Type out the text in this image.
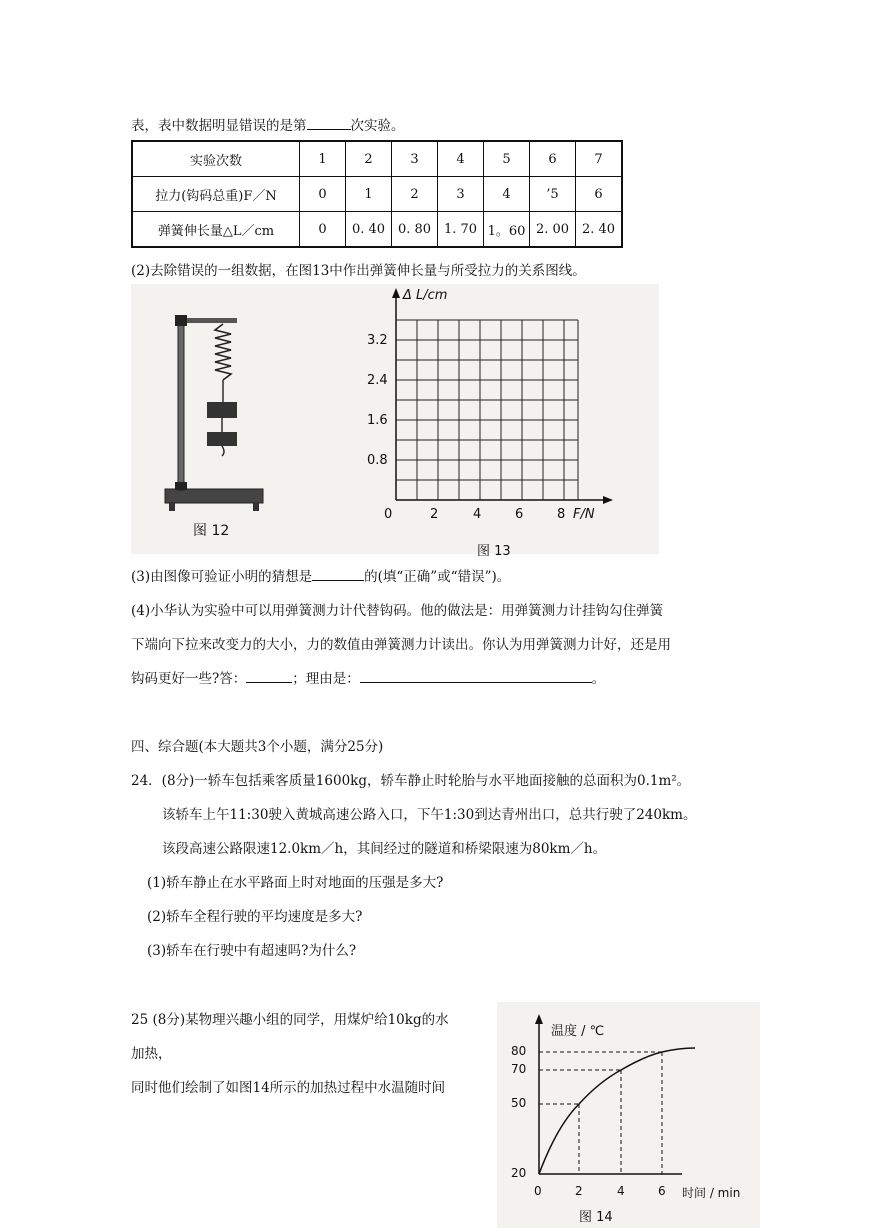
表，表中数据明显错误的是第	次实验。
实验次数	1	2	3	4	5	6	7
拉力(钩码总重)F／N	0	1	2	3	4	’5	6
弹簧伸长量△L／cm	0	0. 40	0. 80	1. 70	1。60	2. 00	2. 40
(2)去除错误的一组数据，在图13中作出弹簧伸长量与所受拉力的关系图线。
图 12
Δ L/cm
3.2
2.4
1.6
0.8
0	2	4	6	8 F/N
图 13
(3)由图像可验证小明的猜想是	的(填“正确”或“错误”)。
(4)小华认为实验中可以用弹簧测力计代替钩码。他的做法是：用弹簧测力计挂钩勾住弹簧
下端向下拉来改变力的大小，力的数值由弹簧测力计读出。你认为用弹簧测力计好，还是用
钩码更好一些?答：	；理由是：	。
四、综合题(本大题共3个小题，满分25分)
24．(8分)一轿车包括乘客质量1600kg，轿车静止时轮胎与水平地面接触的总面积为0.1m²。
该轿车上午11:30驶入黄城高速公路入口，下午1:30到达青州出口，总共行驶了240km。
该段高速公路限速12.0km／h，其间经过的隧道和桥梁限速为80km／h。
(1)轿车静止在水平路面上时对地面的压强是多大?
(2)轿车全程行驶的平均速度是多大?
(3)轿车在行驶中有超速吗?为什么?
25 (8分)某物理兴趣小组的同学，用煤炉给10kg的水
加热，
同时他们绘制了如图14所示的加热过程中水温随时间
温度 / ℃
80
70
50
20
0	2	4	6 时间 / min
图 14
